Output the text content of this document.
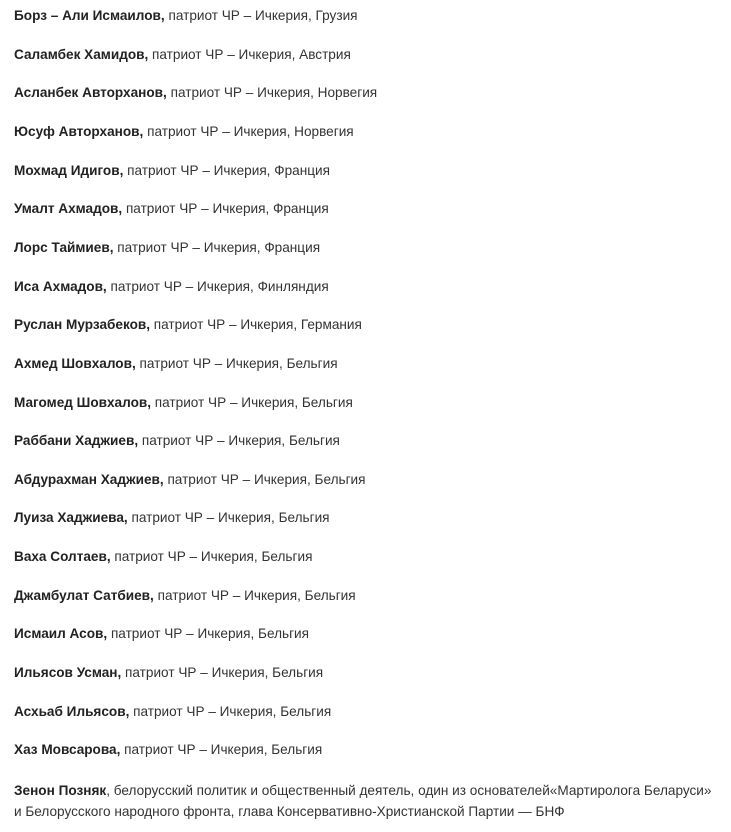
Борз – Али Исмаилов, патриот ЧР – Ичкерия, Грузия

Саламбек Хамидов, патриот ЧР – Ичкерия, Австрия

Асланбек Авторханов, патриот ЧР – Ичкерия, Норвегия

Юсуф Авторханов, патриот ЧР – Ичкерия, Норвегия

Мохмад Идигов, патриот ЧР – Ичкерия, Франция

Умалт Ахмадов, патриот ЧР – Ичкерия, Франция

Лорс Таймиев, патриот ЧР – Ичкерия, Франция

Иса Ахмадов, патриот ЧР – Ичкерия, Финляндия

Руслан Мурзабеков, патриот ЧР – Ичкерия, Германия

Ахмед Шовхалов, патриот ЧР – Ичкерия, Бельгия

Магомед Шовхалов, патриот ЧР – Ичкерия, Бельгия

Раббани Хаджиев, патриот ЧР – Ичкерия, Бельгия

Абдурахман Хаджиев, патриот ЧР – Ичкерия, Бельгия

Луиза Хаджиева, патриот ЧР – Ичкерия, Бельгия

Ваха Солтаев, патриот ЧР – Ичкерия, Бельгия

Джамбулат Сатбиев, патриот ЧР – Ичкерия, Бельгия

Исмаил Асов, патриот ЧР – Ичкерия, Бельгия

Ильясов Усман, патриот ЧР – Ичкерия, Бельгия

Асхьаб Ильясов, патриот ЧР – Ичкерия, Бельгия

Хаз Мовсарова, патриот ЧР – Ичкерия, Бельгия

Зенон Позняк, белорусский политик и общественный деятель, один из основателей«Мартиролога Беларуси» и Белорусского народного фронта, глава Консервативно-Христианской Партии — БНФ
